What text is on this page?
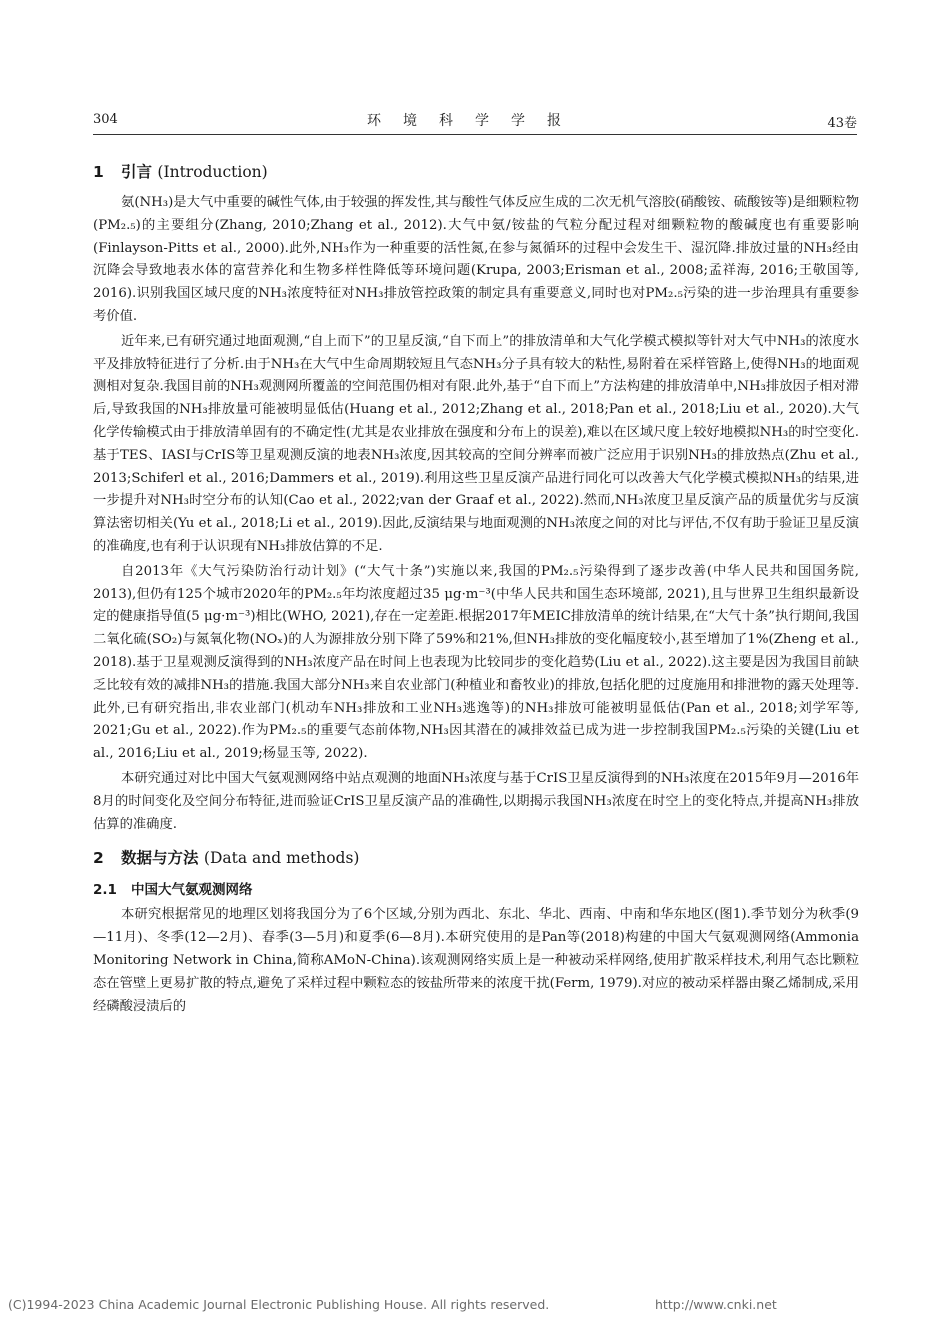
304	环境科学学报	43卷
1 引言 (Introduction)

氨(NH₃)是大气中重要的碱性气体,由于较强的挥发性,其与酸性气体反应生成的二次无机气溶胶(硝酸铵、硫酸铵等)是细颗粒物(PM₂.₅)的主要组分(Zhang, 2010;Zhang et al., 2012).大气中氨/铵盐的气粒分配过程对细颗粒物的酸碱度也有重要影响(Finlayson-Pitts et al., 2000).此外,NH₃作为一种重要的活性氮,在参与氮循环的过程中会发生干、湿沉降.排放过量的NH₃经由沉降会导致地表水体的富营养化和生物多样性降低等环境问题(Krupa, 2003;Erisman et al., 2008;孟祥海, 2016;王敬国等, 2016).识别我国区域尺度的NH₃浓度特征对NH₃排放管控政策的制定具有重要意义,同时也对PM₂.₅污染的进一步治理具有重要参考价值.

近年来,已有研究通过地面观测,“自上而下”的卫星反演,“自下而上”的排放清单和大气化学模式模拟等针对大气中NH₃的浓度水平及排放特征进行了分析.由于NH₃在大气中生命周期较短且气态NH₃分子具有较大的粘性,易附着在采样管路上,使得NH₃的地面观测相对复杂.我国目前的NH₃观测网所覆盖的空间范围仍相对有限.此外,基于“自下而上”方法构建的排放清单中,NH₃排放因子相对滞后,导致我国的NH₃排放量可能被明显低估(Huang et al., 2012;Zhang et al., 2018;Pan et al., 2018;Liu et al., 2020).大气化学传输模式由于排放清单固有的不确定性(尤其是农业排放在强度和分布上的误差),难以在区域尺度上较好地模拟NH₃的时空变化.基于TES、IASI与CrIS等卫星观测反演的地表NH₃浓度,因其较高的空间分辨率而被广泛应用于识别NH₃的排放热点(Zhu et al., 2013;Schiferl et al., 2016;Dammers et al., 2019).利用这些卫星反演产品进行同化可以改善大气化学模式模拟NH₃的结果,进一步提升对NH₃时空分布的认知(Cao et al., 2022;van der Graaf et al., 2022).然而,NH₃浓度卫星反演产品的质量优劣与反演算法密切相关(Yu et al., 2018;Li et al., 2019).因此,反演结果与地面观测的NH₃浓度之间的对比与评估,不仅有助于验证卫星反演的准确度,也有利于认识现有NH₃排放估算的不足.

自2013年《大气污染防治行动计划》(“大气十条”)实施以来,我国的PM₂.₅污染得到了逐步改善(中华人民共和国国务院, 2013),但仍有125个城市2020年的PM₂.₅年均浓度超过35 μg·m⁻³(中华人民共和国生态环境部, 2021),且与世界卫生组织最新设定的健康指导值(5 μg·m⁻³)相比(WHO, 2021),存在一定差距.根据2017年MEIC排放清单的统计结果,在“大气十条”执行期间,我国二氧化硫(SO₂)与氮氧化物(NOₓ)的人为源排放分别下降了59%和21%,但NH₃排放的变化幅度较小,甚至增加了1%(Zheng et al., 2018).基于卫星观测反演得到的NH₃浓度产品在时间上也表现为比较同步的变化趋势(Liu et al., 2022).这主要是因为我国目前缺乏比较有效的减排NH₃的措施.我国大部分NH₃来自农业部门(种植业和畜牧业)的排放,包括化肥的过度施用和排泄物的露天处理等.此外,已有研究指出,非农业部门(机动车NH₃排放和工业NH₃逃逸等)的NH₃排放可能被明显低估(Pan et al., 2018;刘学军等, 2021;Gu et al., 2022).作为PM₂.₅的重要气态前体物,NH₃因其潜在的减排效益已成为进一步控制我国PM₂.₅污染的关键(Liu et al., 2016;Liu et al., 2019;杨显玉等, 2022).

本研究通过对比中国大气氨观测网络中站点观测的地面NH₃浓度与基于CrIS卫星反演得到的NH₃浓度在2015年9月—2016年8月的时间变化及空间分布特征,进而验证CrIS卫星反演产品的准确性,以期揭示我国NH₃浓度在时空上的变化特点,并提高NH₃排放估算的准确度.

2 数据与方法 (Data and methods)
2.1 中国大气氨观测网络

本研究根据常见的地理区划将我国分为了6个区域,分别为西北、东北、华北、西南、中南和华东地区(图1).季节划分为秋季(9—11月)、冬季(12—2月)、春季(3—5月)和夏季(6—8月).本研究使用的是Pan等(2018)构建的中国大气氨观测网络(Ammonia Monitoring Network in China,简称AMoN-China).该观测网络实质上是一种被动采样网络,使用扩散采样技术,利用气态比颗粒态在管壁上更易扩散的特点,避免了采样过程中颗粒态的铵盐所带来的浓度干扰(Ferm, 1979).对应的被动采样器由聚乙烯制成,采用经磷酸浸渍后的

(C)1994-2023 China Academic Journal Electronic Publishing House. All rights reserved.	http://www.cnki.net
